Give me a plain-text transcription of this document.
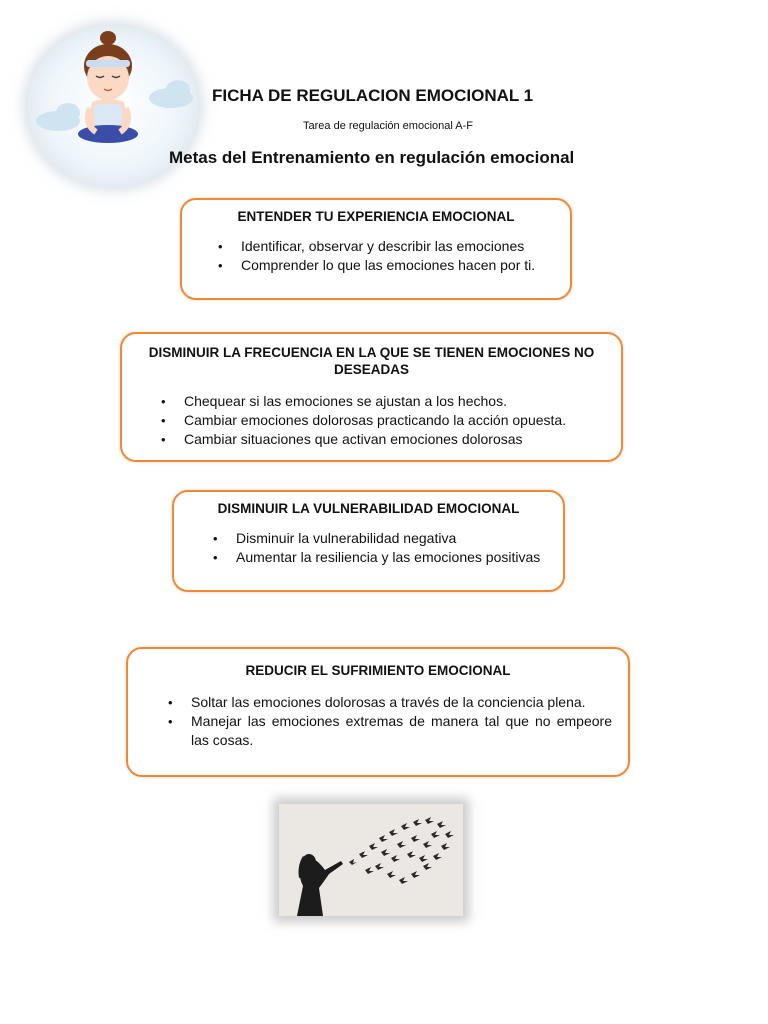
FICHA DE REGULACION EMOCIONAL 1
Tarea de regulación emocional A-F
Metas del Entrenamiento en regulación emocional
ENTENDER TU EXPERIENCIA EMOCIONAL
• Identificar, observar y describir las emociones
• Comprender lo que las emociones hacen por ti.
DISMINUIR LA FRECUENCIA EN LA QUE SE TIENEN EMOCIONES NO DESEADAS
• Chequear si las emociones se ajustan a los hechos.
• Cambiar emociones dolorosas practicando la acción opuesta.
• Cambiar situaciones que activan emociones dolorosas
DISMINUIR LA VULNERABILIDAD EMOCIONAL
• Disminuir la vulnerabilidad negativa
• Aumentar la resiliencia y las emociones positivas
REDUCIR EL SUFRIMIENTO EMOCIONAL
• Soltar las emociones dolorosas a través de la conciencia plena.
• Manejar las emociones extremas de manera tal que no empeore las cosas.
